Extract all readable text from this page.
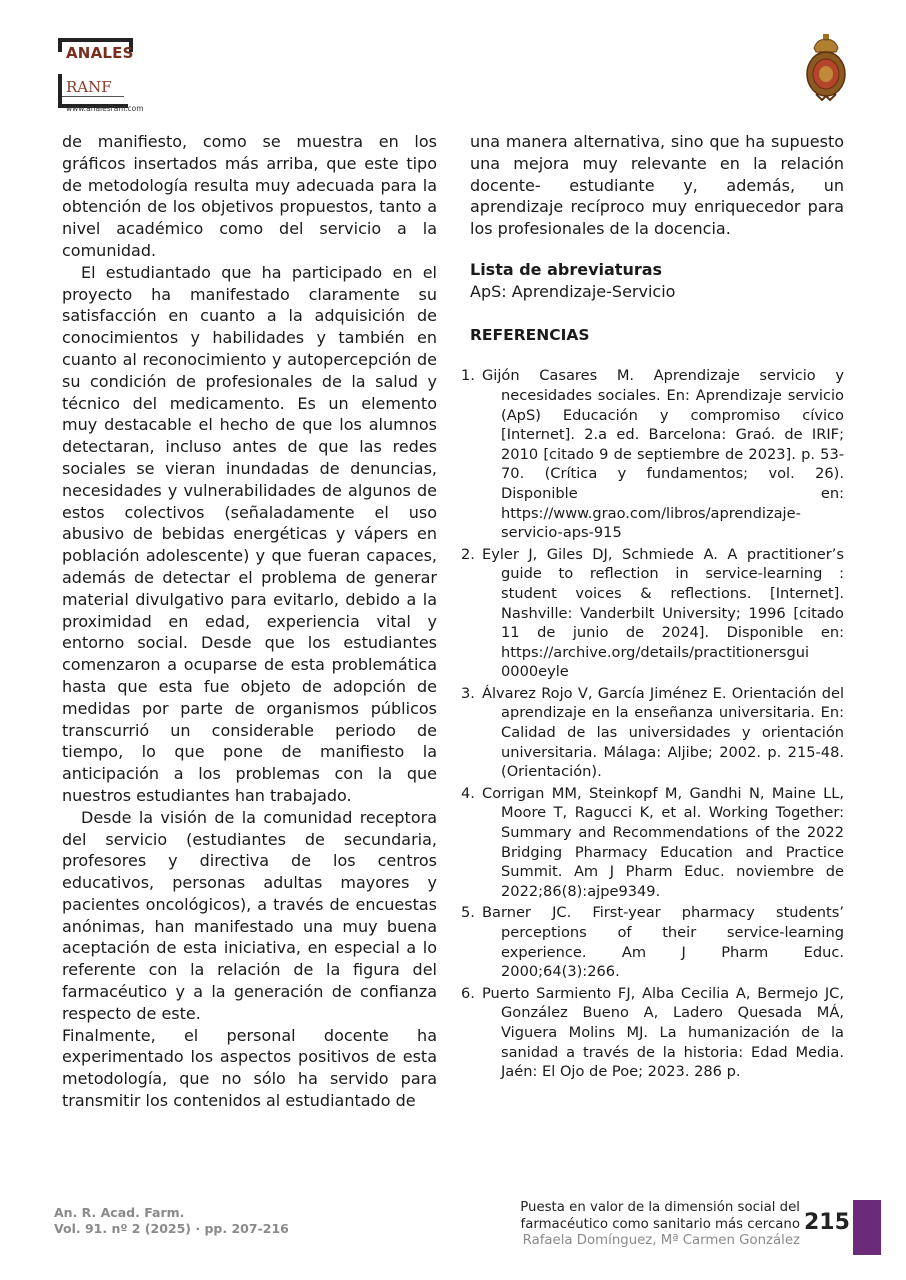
ANALES
RANF
www.analesranf.com

de manifiesto, como se muestra en los gráficos insertados más arriba, que este tipo de metodología resulta muy adecuada para la obtención de los objetivos propuestos, tanto a nivel académico como del servicio a la comunidad.

El estudiantado que ha participado en el proyecto ha manifestado claramente su satisfacción en cuanto a la adquisición de conocimientos y habilidades y también en cuanto al reconocimiento y autopercepción de su condición de profesionales de la salud y técnico del medicamento. Es un elemento muy destacable el hecho de que los alumnos detectaran, incluso antes de que las redes sociales se vieran inundadas de denuncias, necesidades y vulnerabilidades de algunos de estos colectivos (señaladamente el uso abusivo de bebidas energéticas y vápers en población adolescente) y que fueran capaces, además de detectar el problema de generar material divulgativo para evitarlo, debido a la proximidad en edad, experiencia vital y entorno social. Desde que los estudiantes comenzaron a ocuparse de esta problemática hasta que esta fue objeto de adopción de medidas por parte de organismos públicos transcurrió un considerable periodo de tiempo, lo que pone de manifiesto la anticipación a los problemas con la que nuestros estudiantes han trabajado.

Desde la visión de la comunidad receptora del servicio (estudiantes de secundaria, profesores y directiva de los centros educativos, personas adultas mayores y pacientes oncológicos), a través de encuestas anónimas, han manifestado una muy buena aceptación de esta iniciativa, en especial a lo referente con la relación de la figura del farmacéutico y a la generación de confianza respecto de este.

Finalmente, el personal docente ha experimentado los aspectos positivos de esta metodología, que no sólo ha servido para transmitir los contenidos al estudiantado de

una manera alternativa, sino que ha supuesto una mejora muy relevante en la relación docente- estudiante y, además, un aprendizaje recíproco muy enriquecedor para los profesionales de la docencia.

Lista de abreviaturas

ApS: Aprendizaje-Servicio

REFERENCIAS

1. Gijón Casares M. Aprendizaje servicio y necesidades sociales. En: Aprendizaje servicio (ApS) Educación y compromiso cívico [Internet]. 2.a ed. Barcelona: Graó. de IRIF; 2010 [citado 9 de septiembre de 2023]. p. 53-70. (Crítica y fundamentos; vol. 26). Disponible en: https://www.grao.com/libros/aprendizaje-servicio-aps-915
2. Eyler J, Giles DJ, Schmiede A. A practitioner’s guide to reflection in service-learning : student voices & reflections. [Internet]. Nashville: Vanderbilt University; 1996 [citado 11 de junio de 2024]. Disponible en: https://archive.org/details/practitionersgui 0000eyle
3. Álvarez Rojo V, García Jiménez E. Orientación del aprendizaje en la enseñanza universitaria. En: Calidad de las universidades y orientación universitaria. Málaga: Aljibe; 2002. p. 215-48. (Orientación).
4. Corrigan MM, Steinkopf M, Gandhi N, Maine LL, Moore T, Ragucci K, et al. Working Together: Summary and Recommendations of the 2022 Bridging Pharmacy Education and Practice Summit. Am J Pharm Educ. noviembre de 2022;86(8):ajpe9349.
5. Barner JC. First-year pharmacy students’ perceptions of their service-learning experience. Am J Pharm Educ. 2000;64(3):266.
6. Puerto Sarmiento FJ, Alba Cecilia A, Bermejo JC, González Bueno A, Ladero Quesada MÁ, Viguera Molins MJ. La humanización de la sanidad a través de la historia: Edad Media. Jaén: El Ojo de Poe; 2023. 286 p.
An. R. Acad. Farm.
Vol. 91. nº 2 (2025) · pp. 207-216
Puesta en valor de la dimensión social del
farmacéutico como sanitario más cercano
Rafaela Domínguez, Mª Carmen González
215
